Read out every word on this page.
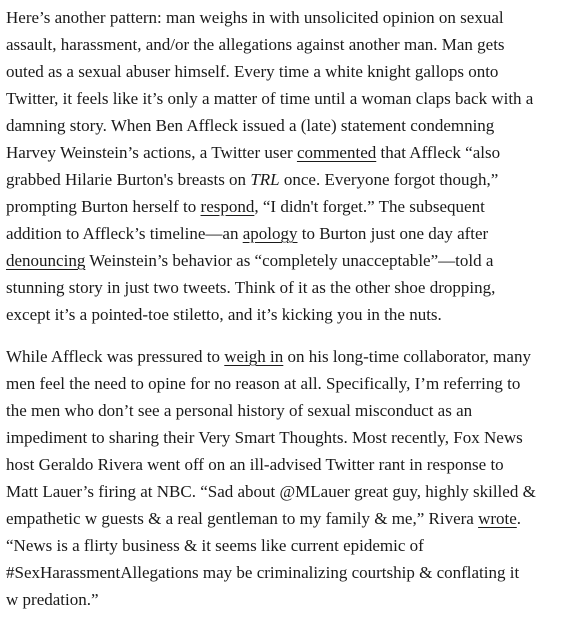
Here’s another pattern: man weighs in with unsolicited opinion on sexual
assault, harassment, and/or the allegations against another man. Man gets
outed as a sexual abuser himself. Every time a white knight gallops onto
Twitter, it feels like it’s only a matter of time until a woman claps back with a
damning story. When Ben Affleck issued a (late) statement condemning
Harvey Weinstein’s actions, a Twitter user commented that Affleck “also
grabbed Hilarie Burton's breasts on TRL once. Everyone forgot though,”
prompting Burton herself to respond, “I didn't forget.” The subsequent
addition to Affleck’s timeline—an apology to Burton just one day after
denouncing Weinstein’s behavior as “completely unacceptable”—told a
stunning story in just two tweets. Think of it as the other shoe dropping,
except it’s a pointed-toe stiletto, and it’s kicking you in the nuts.
While Affleck was pressured to weigh in on his long-time collaborator, many
men feel the need to opine for no reason at all. Specifically, I’m referring to
the men who don’t see a personal history of sexual misconduct as an
impediment to sharing their Very Smart Thoughts. Most recently, Fox News
host Geraldo Rivera went off on an ill-advised Twitter rant in response to
Matt Lauer’s firing at NBC. “Sad about @MLauer great guy, highly skilled &
empathetic w guests & a real gentleman to my family & me,” Rivera wrote.
“News is a flirty business & it seems like current epidemic of
#SexHarassmentAllegations may be criminalizing courtship & conflating it
w predation.”
